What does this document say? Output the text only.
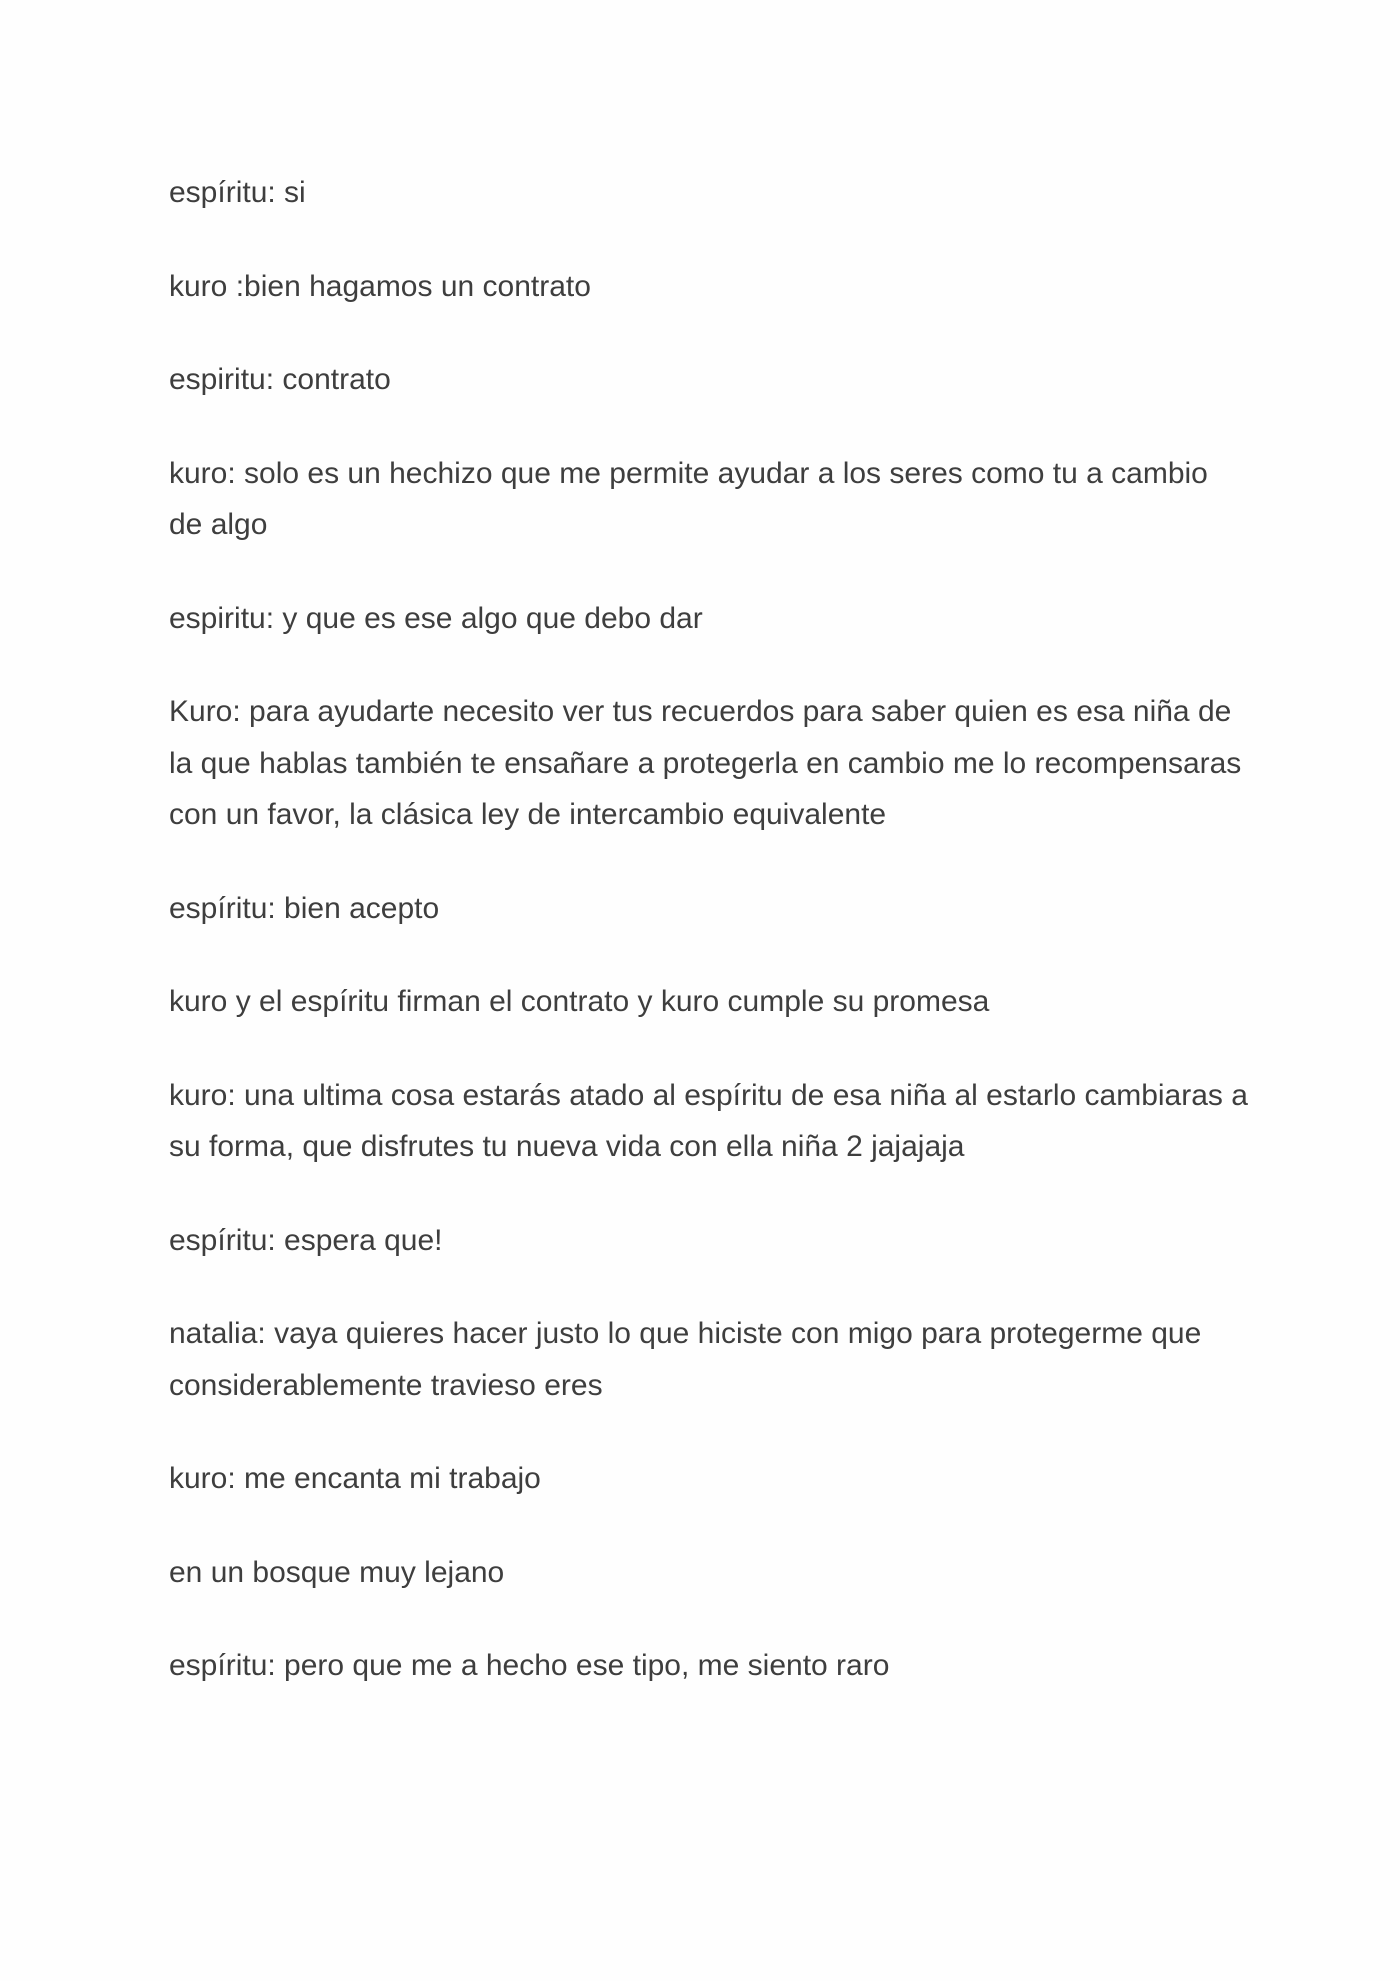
espíritu: si

kuro :bien hagamos un contrato

espiritu: contrato

kuro: solo es un hechizo que me permite ayudar a los seres como tu a cambio de algo

espiritu: y que es ese algo que debo dar

Kuro: para ayudarte necesito ver tus recuerdos para saber quien es esa niña de la que hablas también te ensañare a protegerla en cambio me lo recompensaras con un favor, la clásica ley de intercambio equivalente

espíritu: bien acepto

kuro y el espíritu firman el contrato y kuro cumple su promesa

kuro: una ultima cosa estarás atado al espíritu de esa niña al estarlo cambiaras a su forma, que disfrutes tu nueva vida con ella niña 2 jajajaja

espíritu: espera que!

natalia: vaya quieres hacer justo lo que hiciste con migo para protegerme que considerablemente travieso eres

kuro: me encanta mi trabajo

en un bosque muy lejano

espíritu: pero que me a hecho ese tipo, me siento raro
